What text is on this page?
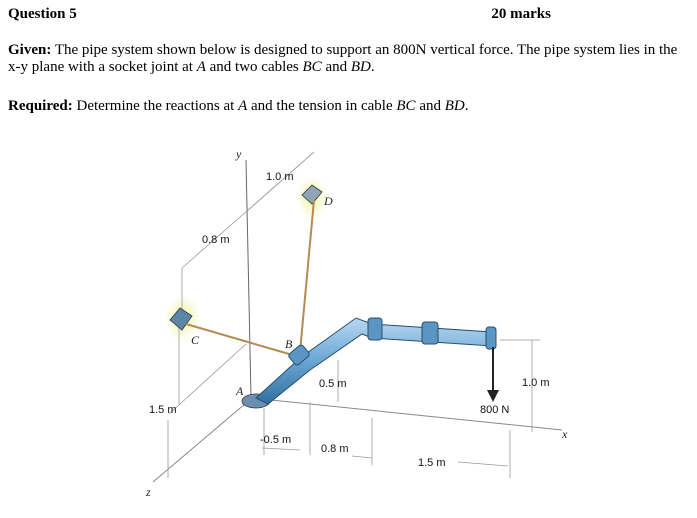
Question 5	20 marks
Given: The pipe system shown below is designed to support an 800N vertical force. The pipe system lies in the x-y plane with a socket joint at A and two cables BC and BD.
Required: Determine the reactions at A and the tension in cable BC and BD.
y
z
x
A
B
C
D
1.0 m
0.8 m
1.5 m
0.5 m
-0.5 m
0.8 m
1.5 m
1.0 m
800 N
